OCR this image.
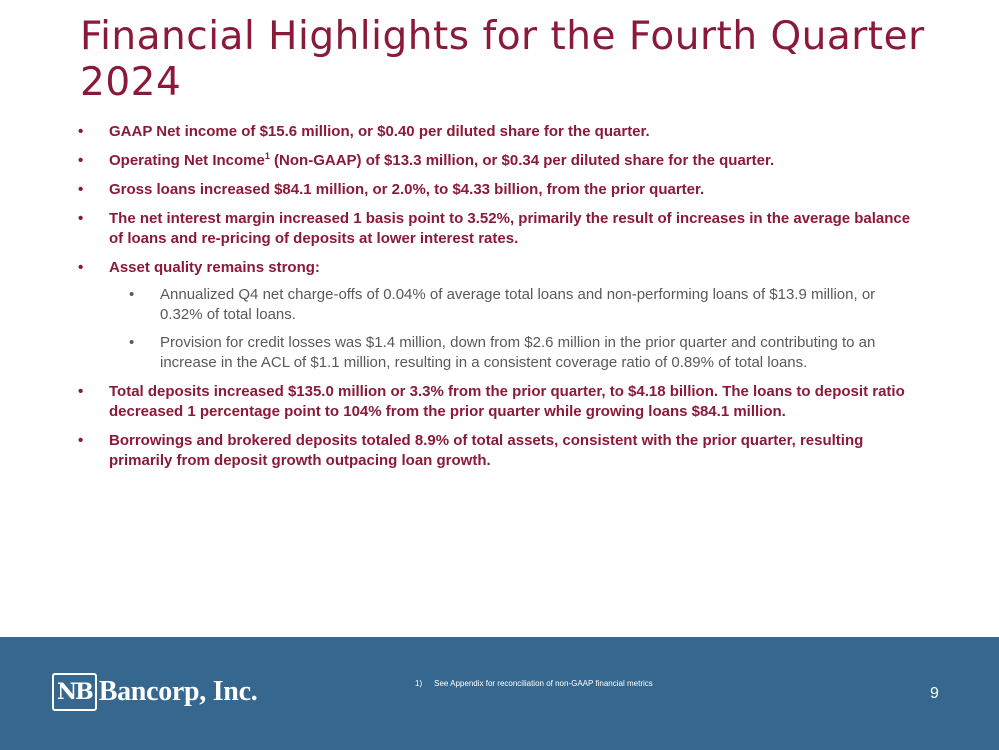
Financial Highlights for the Fourth Quarter 2024
•	GAAP Net income of $15.6 million, or $0.40 per diluted share for the quarter.
•	Operating Net Income$^1$ (Non-GAAP) of $13.3 million, or $0.34 per diluted share for the quarter.
•	Gross loans increased $84.1 million, or 2.0%, to $4.33 billion, from the prior quarter.
•	The net interest margin increased 1 basis point to 3.52%, primarily the result of increases in the average balance of loans and re-pricing of deposits at lower interest rates.
•	Asset quality remains strong:
• Annualized Q4 net charge-offs of 0.04% of average total loans and non-performing loans of $13.9 million, or 0.32% of total loans.
• Provision for credit losses was $1.4 million, down from $2.6 million in the prior quarter and contributing to an increase in the ACL of $1.1 million, resulting in a consistent coverage ratio of 0.89% of total loans.
•	Total deposits increased $135.0 million or 3.3% from the prior quarter, to $4.18 billion. The loans to deposit ratio decreased 1 percentage point to 104% from the prior quarter while growing loans $84.1 million.
•	Borrowings and brokered deposits totaled 8.9% of total assets, consistent with the prior quarter, resulting primarily from deposit growth outpacing loan growth.
NB Bancorp, Inc.	1) See Appendix for reconciliation of non-GAAP financial metrics
9
